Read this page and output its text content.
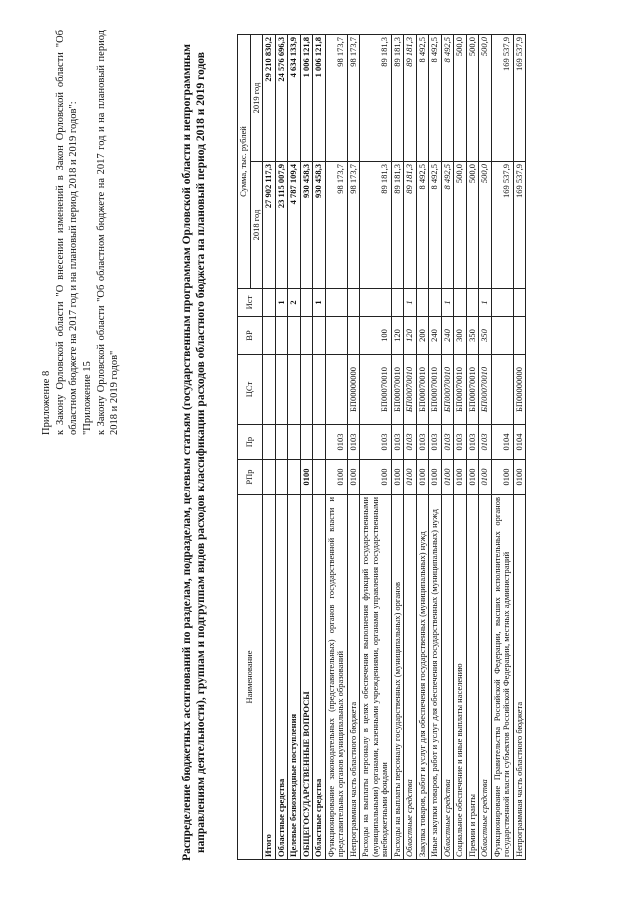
Приложение 8 к Закону Орловской области "О внесении изменений в Закон Орловской области "Об областном бюджете на 2017 год и на плановый период 2018 и 2019 годов": "Приложение 15 к Закону Орловской области "Об областном бюджете на 2017 год и на плановый период 2018 и 2019 годов"	Распределение бюджетных ассигнований по разделам, подразделам, целевым статьям (государственным программам Орловской области и непрограммным направлениям деятельности), группам и подгруппам видов расходов классификации расходов областного бюджета на плановый период 2018 и 2019 годов	Наименование	РПр	Пр	ЦСт	ВР	Ист	Сумма, тыс. рублей	
						2018 год	2019 год
Итого						27 902 117,3	29 210 830,2
Областные средства					1	23 115 007,9	24 576 696,3
Целевые безвозмездные поступления					2	4 787 109,4	4 634 133,9
ОБЩЕГОСУДАРСТВЕННЫЕ ВОПРОСЫ	0100					930 458,3	1 006 121,8
Областные средства					1	930 458,3	1 006 121,8
Функционирование законодательных (представительных) органов государственной власти и представительных органов муниципальных образований	0100	0103				98 173,7	98 173,7
Непрограммная часть областного бюджета	0100	0103	БП00000000			98 173,7	98 173,7
Расходы на выплаты персоналу в целях обеспечения выполнения функций государственными (муниципальными) органами, казенными учреждениями, органами управления государственными внебюджетными фондами	0100	0103	БП00070010	100		89 181,3	89 181,3
Расходы на выплаты персоналу государственных (муниципальных) органов	0100	0103	БП00070010	120		89 181,3	89 181,3
Областные средства	0100	0103	БП00070010	120	1	89 181,3	89 181,3
Закупка товаров, работ и услуг для обеспечения государственных (муниципальных) нужд	0100	0103	БП00070010	200		8 492,5	8 492,5
Иные закупки товаров, работ и услуг для обеспечения государственных (муниципальных) нужд	0100	0103	БП00070010	240		8 492,5	8 492,5
Областные средства	0100	0103	БП00070010	240	1	8 492,5	8 492,5
Социальное обеспечение и иные выплаты населению	0100	0103	БП00070010	300		500,0	500,0
Премии и гранты	0100	0103	БП00070010	350		500,0	500,0
Областные средства	0100	0103	БП00070010	350	1	500,0	500,0
Функционирование Правительства Российской Федерации, высших исполнительных органов государственной власти субъектов Российской Федерации, местных администраций	0100	0104				169 537,9	169 537,9
Непрограммная часть областного бюджета	0100	0104	БП00000000			169 537,9	169 537,9
